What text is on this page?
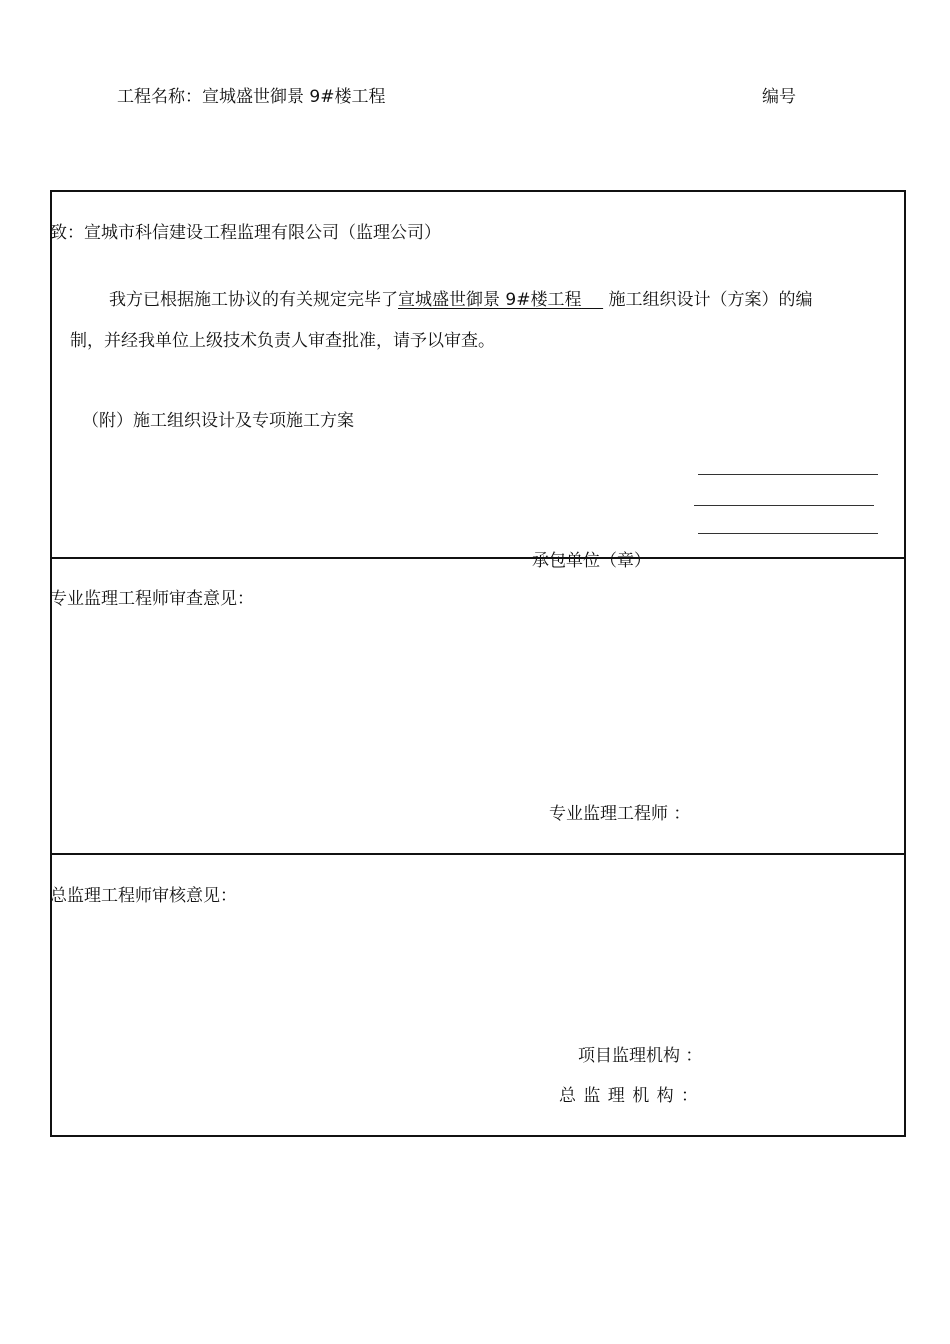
工程名称：宣城盛世御景 9#楼工程	编号
致：宣城市科信建设工程监理有限公司（监理公司）
我方已根据施工协议的有关规定完毕了宣城盛世御景 9#楼工程 施工组织设计（方案）的编
制，并经我单位上级技术负责人审查批准，请予以审查。
（附）施工组织设计及专项施工方案
承包单位（章）
专业监理工程师审查意见：
专业监理工程师 ：
总监理工程师审核意见：
项目监理机构 ：
总 监 理 机 构 ：
